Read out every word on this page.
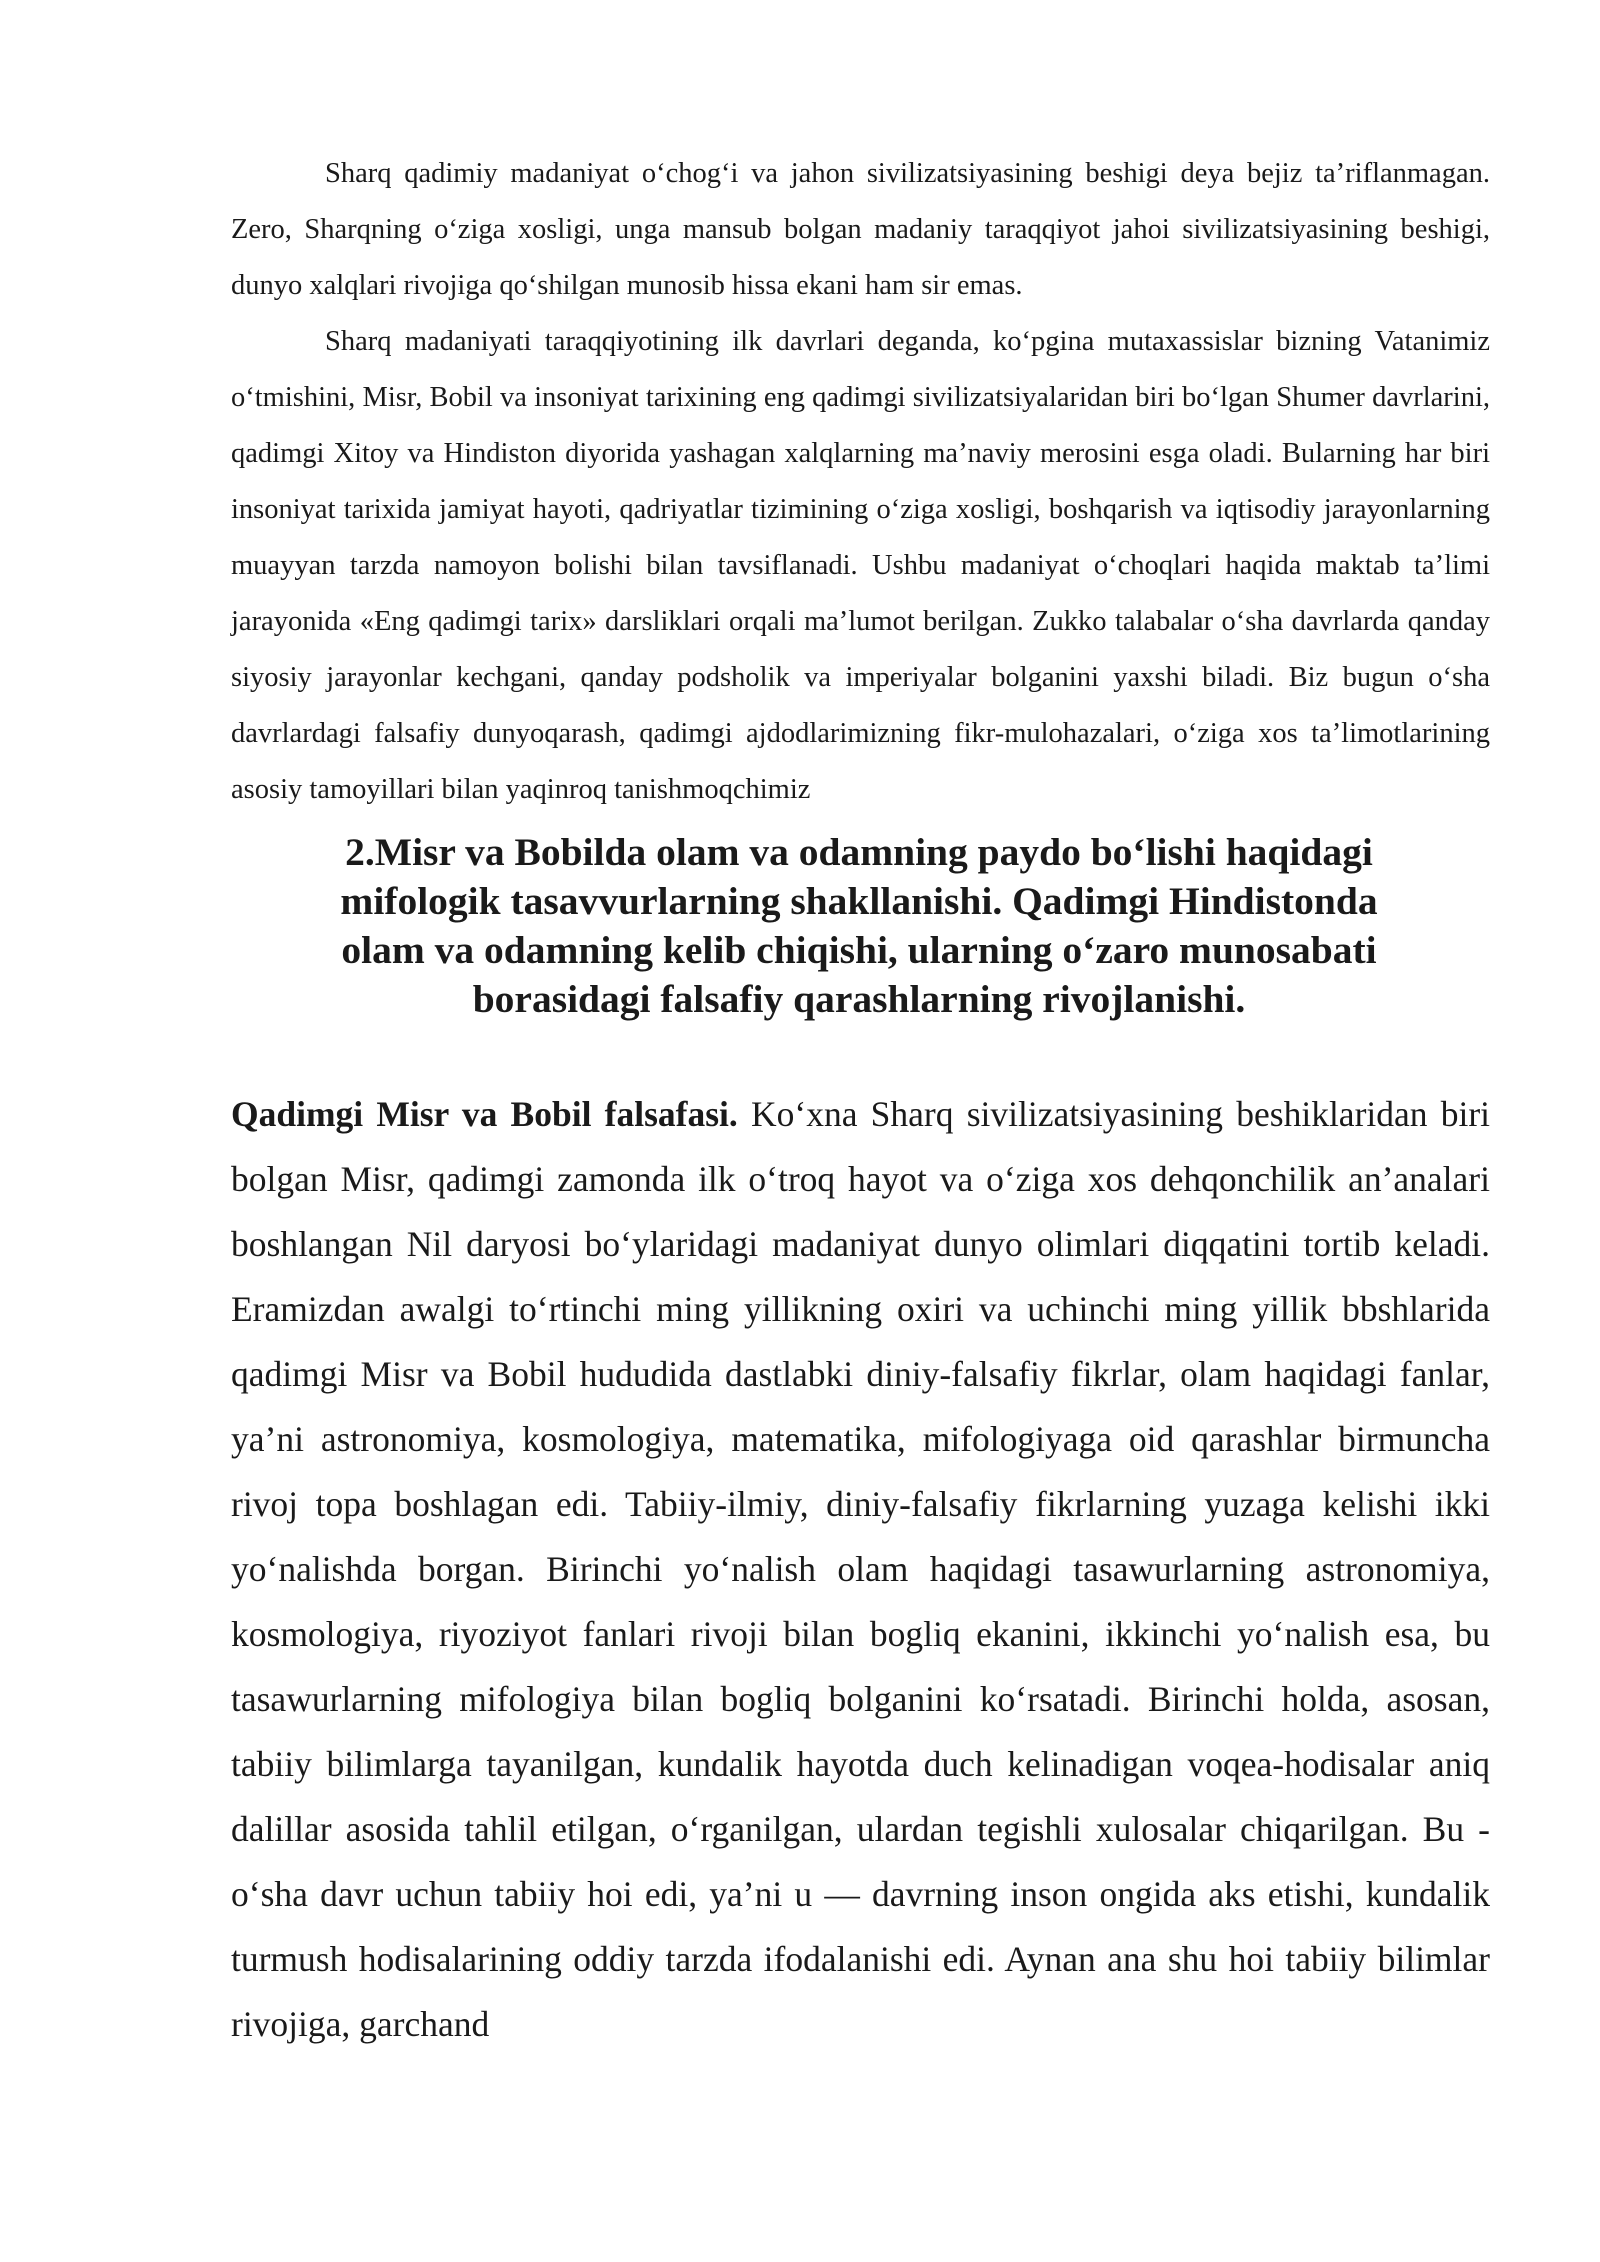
Sharq qadimiy madaniyat o‘chog‘i va jahon sivilizatsiyasining beshigi deya bejiz ta’riflanmagan. Zero, Sharqning o‘ziga xosligi, unga mansub bolgan madaniy taraqqiyot jahoi sivilizatsiyasining beshigi, dunyo xalqlari rivojiga qo‘shilgan munosib hissa ekani ham sir emas.

Sharq madaniyati taraqqiyotining ilk davrlari deganda, ko‘pgina mutaxassislar bizning Vatanimiz o‘tmishini, Misr, Bobil va insoniyat tarixining eng qadimgi sivilizatsiyalaridan biri bo‘lgan Shumer davrlarini, qadimgi Xitoy va Hindiston diyorida yashagan xalqlarning ma’naviy merosini esga oladi. Bularning har biri insoniyat tarixida jamiyat hayoti, qadriyatlar tizimining o‘ziga xosligi, boshqarish va iqtisodiy jarayonlarning muayyan tarzda namoyon bolishi bilan tavsiflanadi. Ushbu madaniyat o‘choqlari haqida maktab ta’limi jarayonida «Eng qadimgi tarix» darsliklari orqali ma’lumot berilgan. Zukko talabalar o‘sha davrlarda qanday siyosiy jarayonlar kechgani, qanday podsholik va imperiyalar bolganini yaxshi biladi. Biz bugun o‘sha davrlardagi falsafiy dunyoqarash, qadimgi ajdodlarimizning fikr-mulohazalari, o‘ziga xos ta’limotlarining asosiy tamoyillari bilan yaqinroq tanishmoqchimiz

2.Misr va Bobilda olam va odamning paydo bo‘lishi haqidagi mifologik tasavvurlarning shakllanishi. Qadimgi Hindistonda olam va odamning kelib chiqishi, ularning o‘zaro munosabati borasidagi falsafiy qarashlarning rivojlanishi.

Qadimgi Misr va Bobil falsafasi. Ko‘xna Sharq sivilizatsiyasining beshiklaridan biri bolgan Misr, qadimgi zamonda ilk o‘troq hayot va o‘ziga xos dehqonchilik an’analari boshlangan Nil daryosi bo‘ylaridagi madaniyat dunyo olimlari diqqatini tortib keladi. Eramizdan awalgi to‘rtinchi ming yillikning oxiri va uchinchi ming yillik bbshlarida qadimgi Misr va Bobil hududida dastlabki diniy-falsafiy fikrlar, olam haqidagi fanlar, ya’ni astronomiya, kosmologiya, matematika, mifologiyaga oid qarashlar birmuncha rivoj topa boshlagan edi. Tabiiy-ilmiy, diniy-falsafiy fikrlarning yuzaga kelishi ikki yo‘nalishda borgan. Birinchi yo‘nalish olam haqidagi tasawurlarning astronomiya, kosmologiya, riyoziyot fanlari rivoji bilan bogliq ekanini, ikkinchi yo‘nalish esa, bu tasawurlarning mifologiya bilan bogliq bolganini ko‘rsatadi. Birinchi holda, asosan, tabiiy bilimlarga tayanilgan, kundalik hayotda duch kelinadigan voqea-hodisalar aniq dalillar asosida tahlil etilgan, o‘rganilgan, ulardan tegishli xulosalar chiqarilgan. Bu - o‘sha davr uchun tabiiy hoi edi, ya’ni u — davrning inson ongida aks etishi, kundalik turmush hodisalarining oddiy tarzda ifodalanishi edi. Aynan ana shu hoi tabiiy bilimlar rivojiga, garchand
